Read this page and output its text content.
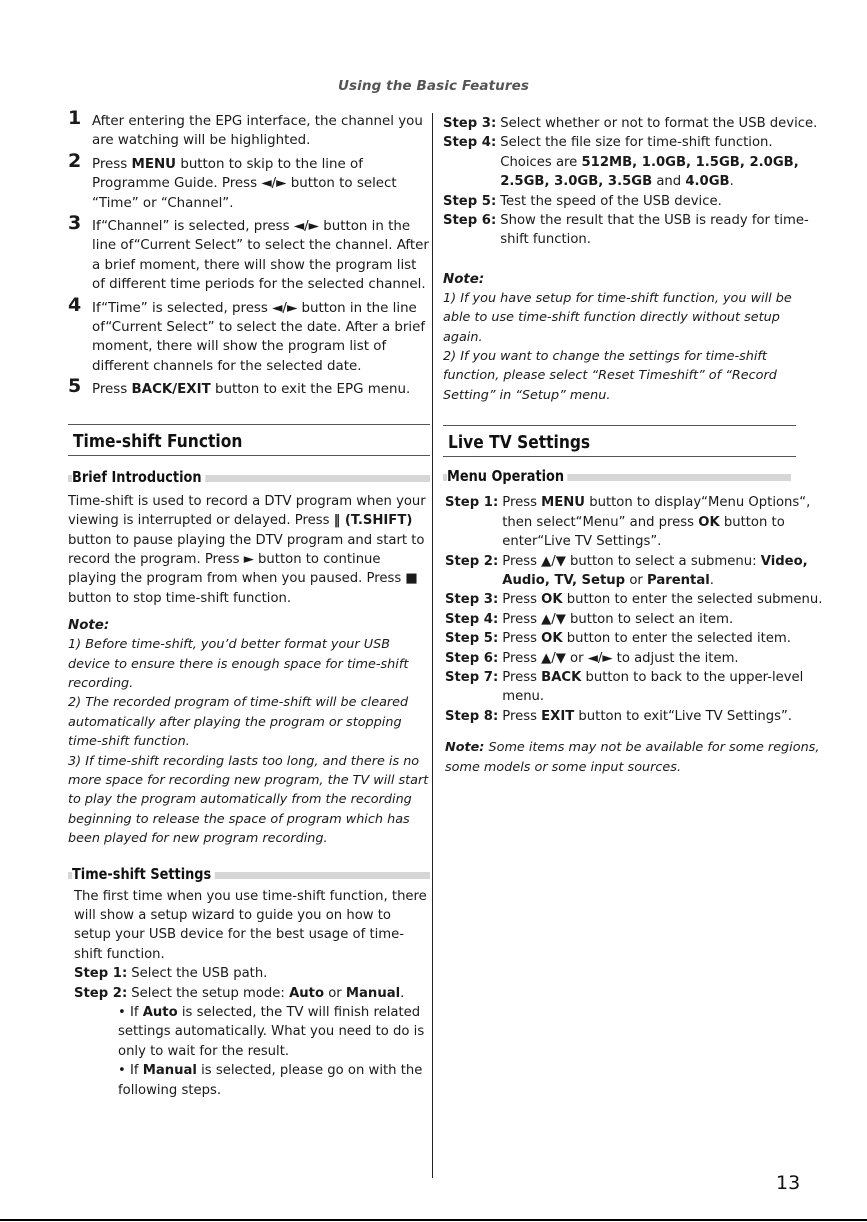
Using the Basic Features
1 After entering the EPG interface, the channel you are watching will be highlighted.
2 Press MENU button to skip to the line of Programme Guide. Press ◄/► button to select “Time” or “Channel”.
3 If“Channel” is selected, press ◄/► button in the line of“Current Select” to select the channel. After a brief moment, there will show the program list of different time periods for the selected channel.
4 If“Time” is selected, press ◄/► button in the line of“Current Select” to select the date. After a brief moment, there will show the program list of different channels for the selected date.
5 Press BACK/EXIT button to exit the EPG menu.
Time-shift Function
Brief Introduction
Time-shift is used to record a DTV program when your viewing is interrupted or delayed. Press ‖ (T.SHIFT) button to pause playing the DTV program and start to record the program. Press ► button to continue playing the program from when you paused. Press ■ button to stop time-shift function.
Note:
1) Before time-shift, you’d better format your USB device to ensure there is enough space for time-shift recording.
2) The recorded program of time-shift will be cleared automatically after playing the program or stopping time-shift function.
3) If time-shift recording lasts too long, and there is no more space for recording new program, the TV will start to play the program automatically from the recording beginning to release the space of program which has been played for new program recording.
Time-shift Settings
The first time when you use time-shift function, there will show a setup wizard to guide you on how to setup your USB device for the best usage of time-shift function.
Step 1: Select the USB path.
Step 2: Select the setup mode: Auto or Manual.
• If Auto is selected, the TV will finish related settings automatically. What you need to do is only to wait for the result.
• If Manual is selected, please go on with the following steps.
Step 3: Select whether or not to format the USB device.
Step 4: Select the file size for time-shift function. Choices are 512MB, 1.0GB, 1.5GB, 2.0GB, 2.5GB, 3.0GB, 3.5GB and 4.0GB.
Step 5: Test the speed of the USB device.
Step 6: Show the result that the USB is ready for time-shift function.
Note:
1) If you have setup for time-shift function, you will be able to use time-shift function directly without setup again.
2) If you want to change the settings for time-shift function, please select “Reset Timeshift” of “Record Setting” in “Setup” menu.
Live TV Settings
Menu Operation
Step 1: Press MENU button to display“Menu Options“, then select“Menu” and press OK button to enter“Live TV Settings”.
Step 2: Press ▲/▼ button to select a submenu: Video, Audio, TV, Setup or Parental.
Step 3: Press OK button to enter the selected submenu.
Step 4: Press ▲/▼ button to select an item.
Step 5: Press OK button to enter the selected item.
Step 6: Press ▲/▼ or ◄/► to adjust the item.
Step 7: Press BACK button to back to the upper-level menu.
Step 8: Press EXIT button to exit“Live TV Settings”.
Note: Some items may not be available for some regions, some models or some input sources.
13
